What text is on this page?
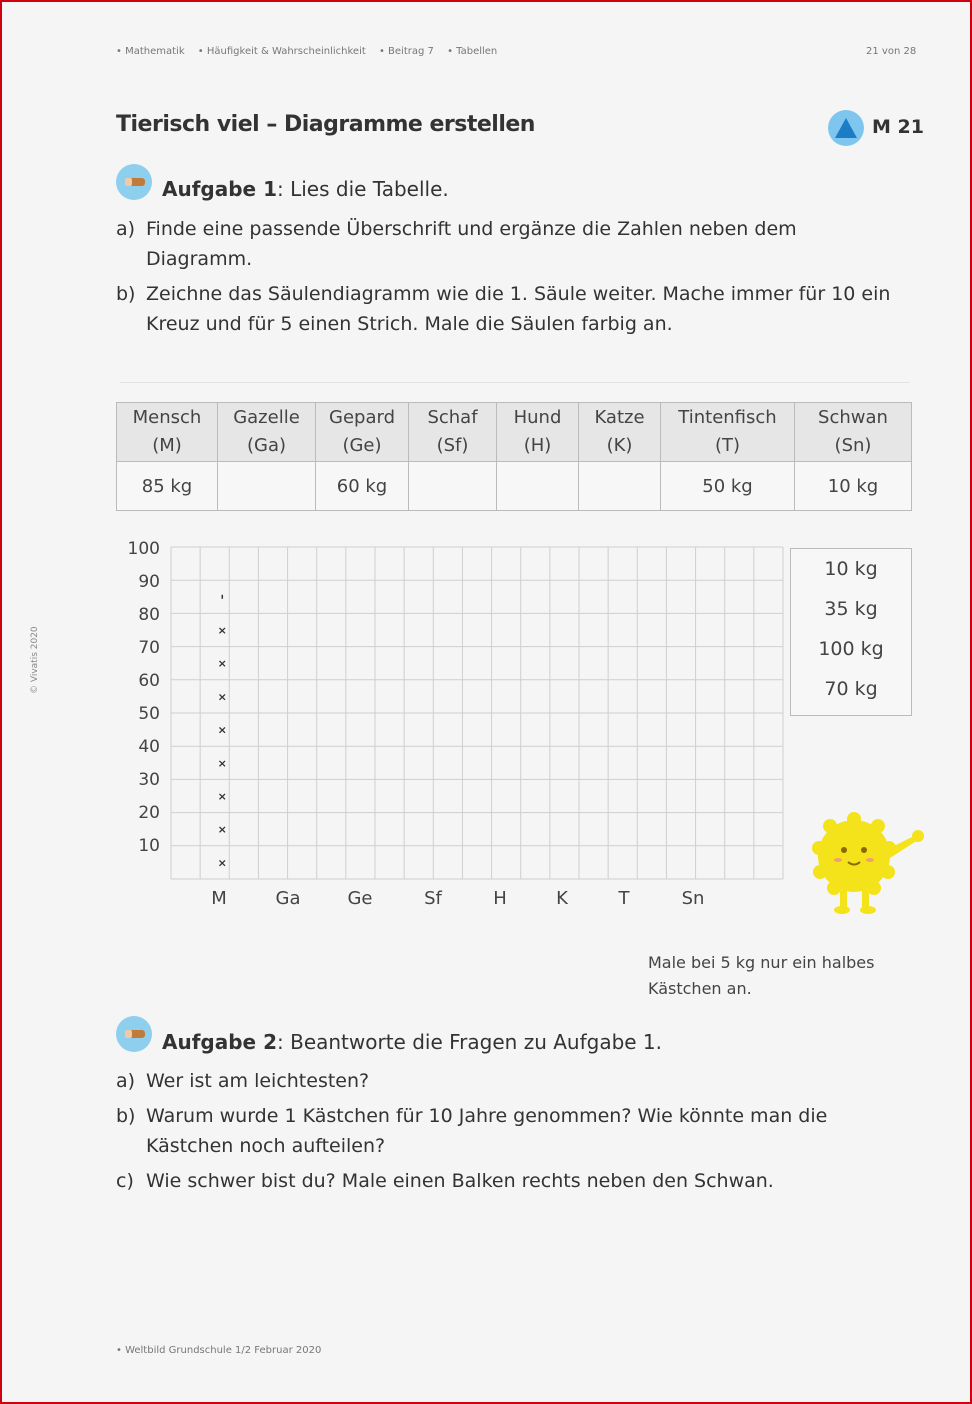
• Mathematik • Häufigkeit & Wahrscheinlichkeit • Beitrag 7 • Tabellen	21 von 28
Tierisch viel – Diagramme erstellen	M 21
Aufgabe 1: Lies die Tabelle.
a) Finde eine passende Überschrift und ergänze die Zahlen neben dem Diagramm.
b) Zeichne das Säulendiagramm wie die 1. Säule weiter. Mache immer für 10 ein Kreuz und für 5 einen Strich. Male die Säulen farbig an.
Mensch
(M)	Gazelle
(Ga)	Gepard
(Ge)	Schaf
(Sf)	Hund
(H)	Katze
(K)	Tintenfisch
(T)	Schwan
(Sn)
85 kg		60 kg				50 kg	10 kg
100
90
80
70
60
50
40
30
20
10
×
×
×
×
×
×
×
×
M	Ga	Ge	Sf	H	K	T	Sn
10 kg
35 kg
100 kg
70 kg
Male bei 5 kg nur ein halbes Kästchen an.
Aufgabe 2: Beantworte die Fragen zu Aufgabe 1.
a) Wer ist am leichtesten?
b) Warum wurde 1 Kästchen für 10 Jahre genommen? Wie könnte man die Kästchen noch aufteilen?
c) Wie schwer bist du? Male einen Balken rechts neben den Schwan.
• Weltbild Grundschule 1/2 Februar 2020
© Vivatis 2020
